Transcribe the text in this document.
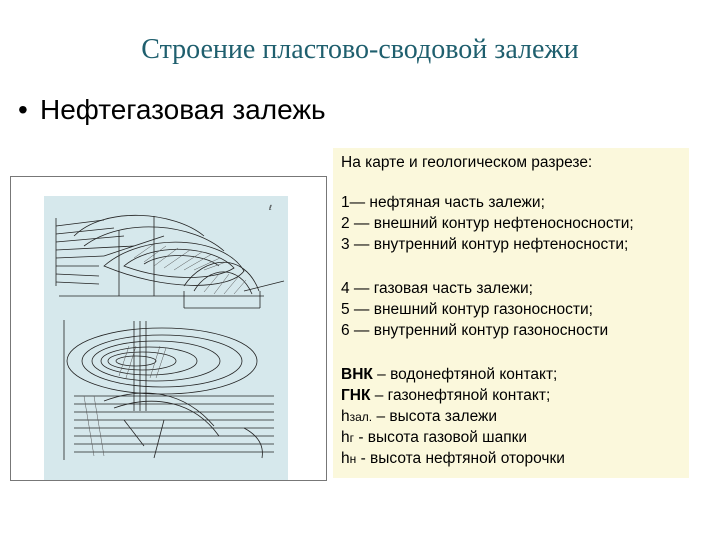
Строение пластово-сводовой залежи
• Нефтегазовая залежь
ℓ
На карте и геологическом разрезе:
1— нефтяная часть залежи;
2 — внешний контур нефтеносносности;
3 — внутренний контур нефтеносности;
4 — газовая часть залежи;
5 — внешний контур газоносности;
6 — внутренний контур газоносности
ВНК – водонефтяной контакт;
ГНК – газонефтяной контакт;
hзал. – высота залежи
hг - высота газовой шапки
hн - высота нефтяной оторочки
